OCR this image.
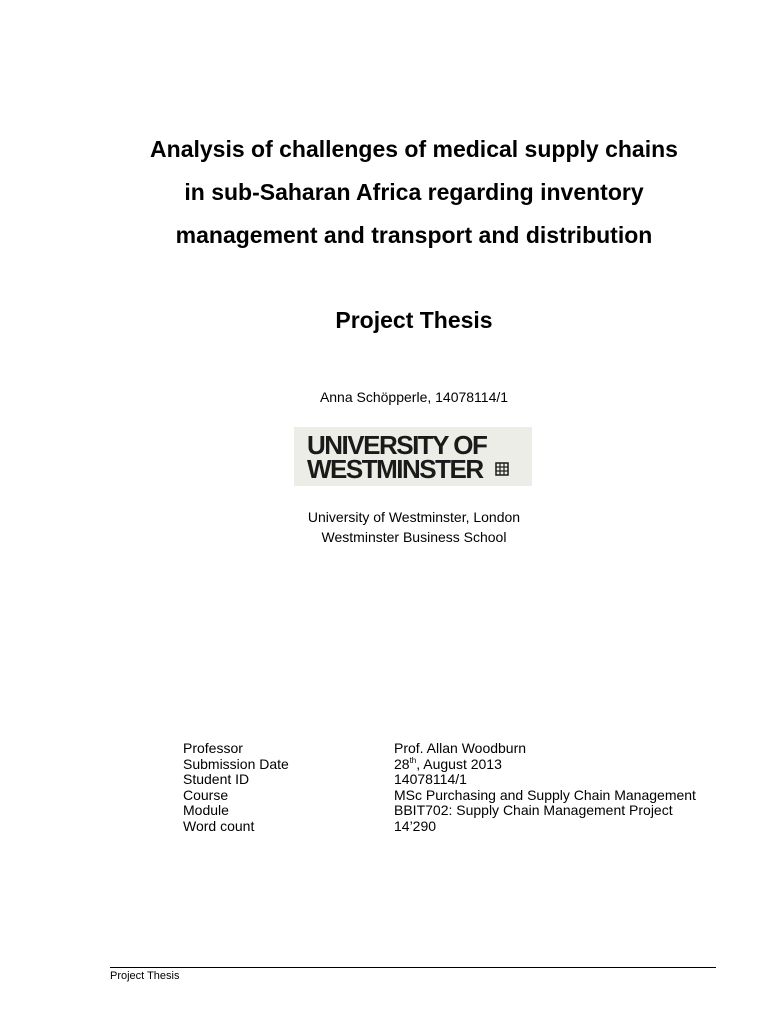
Analysis of challenges of medical supply chains
in sub-Saharan Africa regarding inventory
management and transport and distribution
Project Thesis
Anna Schöpperle, 14078114/1
UNIVERSITY OF
WESTMINSTER
University of Westminster, London
Westminster Business School
Professor	Prof. Allan Woodburn
Submission Date	28th, August 2013
Student ID	14078114/1
Course	MSc Purchasing and Supply Chain Management
Module	BBIT702: Supply Chain Management Project
Word count	14’290
Project Thesis
